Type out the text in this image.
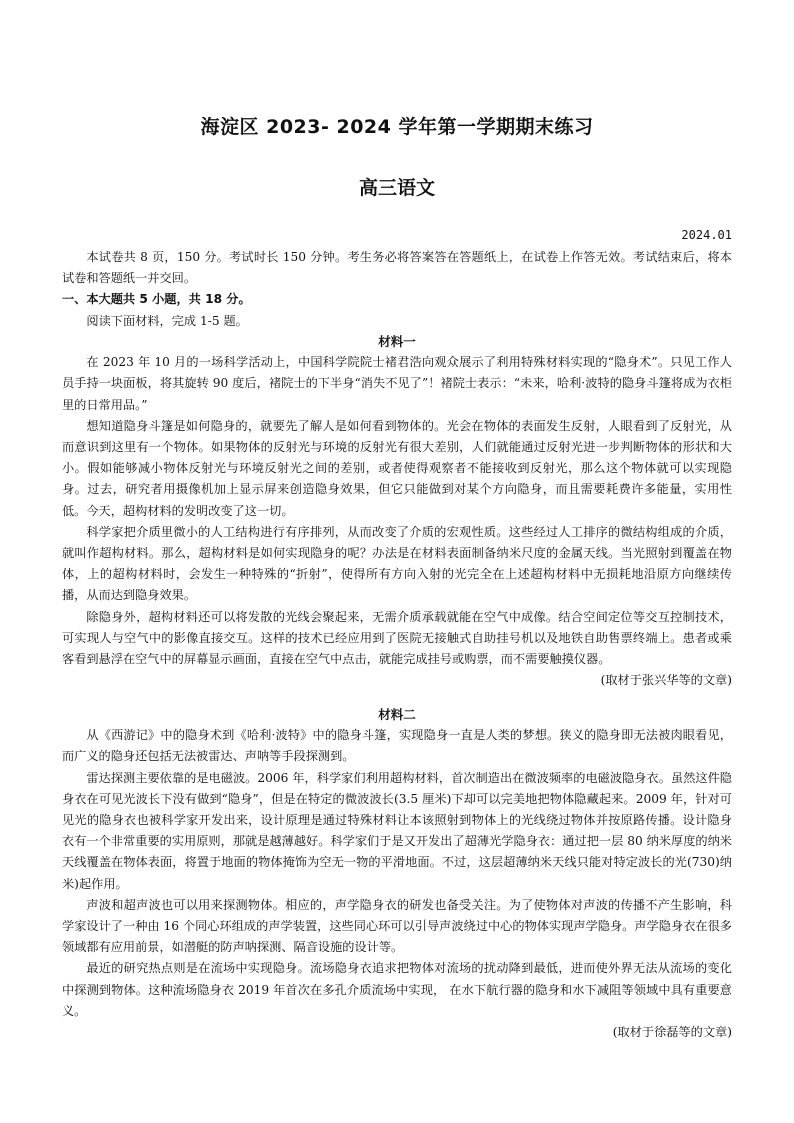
海淀区 2023- 2024 学年第一学期期末练习
高三语文
2024.01

本试卷共 8 页，150 分。考试时长 150 分钟。考生务必将答案答在答题纸上，在试卷上作答无效。考试结束后，将本试卷和答题纸一并交回。

一、本大题共 5 小题，共 18 分。

阅读下面材料，完成 1-5 题。

材料一

在 2023 年 10 月的一场科学活动上，中国科学院院士褚君浩向观众展示了利用特殊材料实现的“隐身术”。只见工作人员手持一块面板，将其旋转 90 度后，褚院士的下半身“消失不见了”！褚院士表示：“未来，哈利·波特的隐身斗篷将成为衣柜里的日常用品。”

想知道隐身斗篷是如何隐身的，就要先了解人是如何看到物体的。光会在物体的表面发生反射，人眼看到了反射光，从而意识到这里有一个物体。如果物体的反射光与环境的反射光有很大差别，人们就能通过反射光进一步判断物体的形状和大小。假如能够减小物体反射光与环境反射光之间的差别，或者使得观察者不能接收到反射光，那么这个物体就可以实现隐身。过去，研究者用摄像机加上显示屏来创造隐身效果，但它只能做到对某个方向隐身，而且需要耗费许多能量，实用性低。今天，超构材料的发明改变了这一切。

科学家把介质里微小的人工结构进行有序排列，从而改变了介质的宏观性质。这些经过人工排序的微结构组成的介质，就叫作超构材料。那么，超构材料是如何实现隐身的呢？办法是在材料表面制备纳米尺度的金属天线。当光照射到覆盖在物体，上的超构材料时，会发生一种特殊的“折射”，使得所有方向入射的光完全在上述超构材料中无损耗地沿原方向继续传播，从而达到隐身效果。

除隐身外，超构材料还可以将发散的光线会聚起来，无需介质承载就能在空气中成像。结合空间定位等交互控制技术，可实现人与空气中的影像直接交互。这样的技术已经应用到了医院无接触式自助挂号机以及地铁自助售票终端上。患者或乘客看到悬浮在空气中的屏幕显示画面，直接在空气中点击，就能完成挂号或购票，而不需要触摸仪器。

(取材于张兴华等的文章)

材料二

从《西游记》中的隐身术到《哈利·波特》中的隐身斗篷，实现隐身一直是人类的梦想。狭义的隐身即无法被肉眼看见，而广义的隐身还包括无法被雷达、声呐等手段探测到。

雷达探测主要依靠的是电磁波。2006 年，科学家们利用超构材料，首次制造出在微波频率的电磁波隐身衣。虽然这件隐身衣在可见光波长下没有做到“隐身”，但是在特定的微波波长(3.5 厘米)下却可以完美地把物体隐藏起来。2009 年，针对可见光的隐身衣也被科学家开发出来，设计原理是通过特殊材料让本该照射到物体上的光线绕过物体并按原路传播。设计隐身衣有一个非常重要的实用原则，那就是越薄越好。科学家们于是又开发出了超薄光学隐身衣：通过把一层 80 纳米厚度的纳米天线覆盖在物体表面，将置于地面的物体掩饰为空无一物的平滑地面。不过，这层超薄纳米天线只能对特定波长的光(730)纳米)起作用。

声波和超声波也可以用来探测物体。相应的，声学隐身衣的研发也备受关注。为了使物体对声波的传播不产生影响，科学家设计了一种由 16 个同心环组成的声学装置，这些同心环可以引导声波绕过中心的物体实现声学隐身。声学隐身衣在很多领域都有应用前景，如潜艇的防声呐探测、隔音设施的设计等。

最近的研究热点则是在流场中实现隐身。流场隐身衣追求把物体对流场的扰动降到最低，进而使外界无法从流场的变化中探测到物体。这种流场隐身衣 2019 年首次在多孔介质流场中实现， 在水下航行器的隐身和水下减阻等领域中具有重要意义。

(取材于徐磊等的文章)
